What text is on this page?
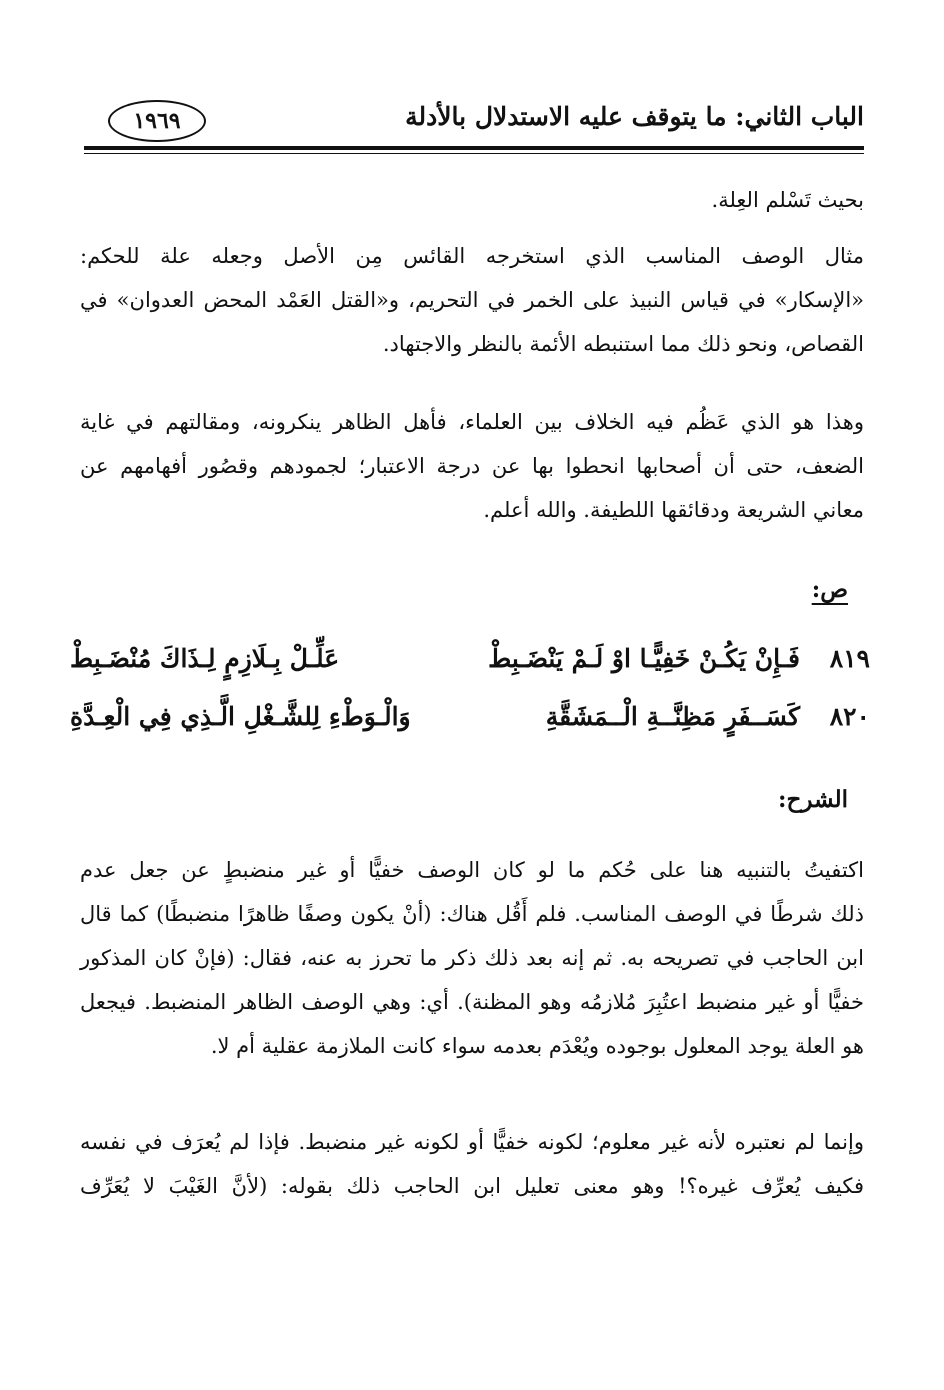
الباب الثاني: ما يتوقف عليه الاستدلال بالأدلة
١٩٦٩
بحيث تَسْلم العِلة.
مثال الوصف المناسب الذي استخرجه القائس مِن الأصل وجعله علة للحكم:
«الإسكار» في قياس النبيذ على الخمر في التحريم، و«القتل العَمْد المحض العدوان» في
القصاص، ونحو ذلك مما استنبطه الأئمة بالنظر والاجتهاد.
وهذا هو الذي عَظُم فيه الخلاف بين العلماء، فأهل الظاهر ينكرونه، ومقالتهم في غاية
الضعف، حتى أن أصحابها انحطوا بها عن درجة الاعتبار؛ لجمودهم وقصُور أفهامهم عن
معاني الشريعة ودقائقها اللطيفة. والله أعلم.
ص:
٨١٩
فَـإِنْ يَكُـنْ خَفِيًّـا اوْ لَـمْ يَنْضَـبِطْ
عَلِّـلْ بِـلَازِمٍ لِـذَاكَ مُنْضَـبِطْ
٨٢٠
كَسَــفَرٍ مَظِنَّــةِ الْــمَشَقَّةِ
وَالْـوَطْءِ لِلشَّـغْلِ الَّـذِي فِي الْعِـدَّةِ
الشرح:
اكتفيتُ بالتنبيه هنا على حُكم ما لو كان الوصف خفيًّا أو غير منضبطٍ عن جعل عدم
ذلك شرطًا في الوصف المناسب. فلم أَقُل هناك: (أنْ يكون وصفًا ظاهرًا منضبطًا) كما قال
ابن الحاجب في تصريحه به. ثم إنه بعد ذلك ذكر ما تحرز به عنه، فقال: (فإنْ كان المذكور
خفيًّا أو غير منضبط اعتُبِرَ مُلازمُه وهو المظنة). أي: وهي الوصف الظاهر المنضبط. فيجعل
هو العلة يوجد المعلول بوجوده ويُعْدَم بعدمه سواء كانت الملازمة عقلية أم لا.
وإنما لم نعتبره لأنه غير معلوم؛ لكونه خفيًّا أو لكونه غير منضبط. فإذا لم يُعرَف في نفسه
فكيف يُعرِّف غيره؟! وهو معنى تعليل ابن الحاجب ذلك بقوله: (لأنَّ الغَيْبَ لا يُعَرِّف
